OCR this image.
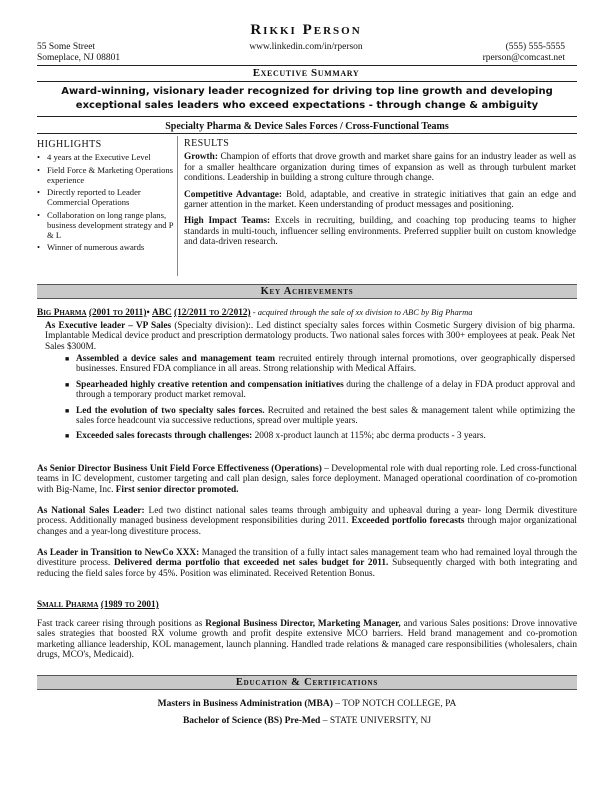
Rikki Person
55 Some Street
Someplace, NJ 08801
www.linkedin.com/in/rperson	(555) 555-5555
rperson@comcast.net
Executive Summary
Award-winning, visionary leader recognized for driving top line growth and developing exceptional sales leaders who exceed expectations - through change & ambiguity
Specialty Pharma & Device Sales Forces / Cross-Functional Teams
HIGHLIGHTS
• 4 years at the Executive Level
• Field Force & Marketing Operations experience
• Directly reported to Leader Commercial Operations
• Collaboration on long range plans, business development strategy and P & L
• Winner of numerous awards
RESULTS

Growth: Champion of efforts that drove growth and market share gains for an industry leader as well as for a smaller healthcare organization during times of expansion as well as through turbulent market conditions. Leadership in building a strong culture through change.

Competitive Advantage: Bold, adaptable, and creative in strategic initiatives that gain an edge and garner attention in the market. Keen understanding of product messages and positioning.

High Impact Teams: Excels in recruiting, building, and coaching top producing teams to higher standards in multi-touch, influencer selling environments. Preferred supplier built on custom knowledge and data-driven research.

Key Achievements
Big Pharma (2001 to 2011)• ABC (12/2011 to 2/2012) - acquired through the sale of xx division to ABC by Big Pharma
As Executive leader – VP Sales (Specialty division):. Led distinct specialty sales forces within Cosmetic Surgery division of big pharma. Implantable Medical device product and prescription dermatology products. Two national sales forces with 300+ employees at peak. Peak Net Sales $300M.
■ Assembled a device sales and management team recruited entirely through internal promotions, over geographically dispersed businesses. Ensured FDA compliance in all areas. Strong relationship with Medical Affairs.
■ Spearheaded highly creative retention and compensation initiatives during the challenge of a delay in FDA product approval and through a temporary product market removal.
■ Led the evolution of two specialty sales forces. Recruited and retained the best sales & management talent while optimizing the sales force headcount via successive reductions, spread over multiple years.
■ Exceeded sales forecasts through challenges: 2008 x-product launch at 115%; abc derma products - 3 years.
As Senior Director Business Unit Field Force Effectiveness (Operations) – Developmental role with dual reporting role. Led cross-functional teams in IC development, customer targeting and call plan design, sales force deployment. Managed operational coordination of co-promotion with Big-Name, Inc. First senior director promoted.
As National Sales Leader: Led two distinct national sales teams through ambiguity and upheaval during a year- long Dermik divestiture process. Additionally managed business development responsibilities during 2011. Exceeded portfolio forecasts through major organizational changes and a year-long divestiture process.
As Leader in Transition to NewCo XXX: Managed the transition of a fully intact sales management team who had remained loyal through the divestiture process. Delivered derma portfolio that exceeded net sales budget for 2011. Subsequently charged with both integrating and reducing the field sales force by 45%. Position was eliminated. Received Retention Bonus.
Small Pharma (1989 to 2001)
Fast track career rising through positions as Regional Business Director, Marketing Manager, and various Sales positions: Drove innovative sales strategies that boosted RX volume growth and profit despite extensive MCO barriers. Held brand management and co-promotion marketing alliance leadership, KOL management, launch planning. Handled trade relations & managed care responsibilities (wholesalers, chain drugs, MCO's, Medicaid).
Education & Certifications
Masters in Business Administration (MBA) – TOP NOTCH COLLEGE, PA
Bachelor of Science (BS) Pre-Med – STATE UNIVERSITY, NJ
